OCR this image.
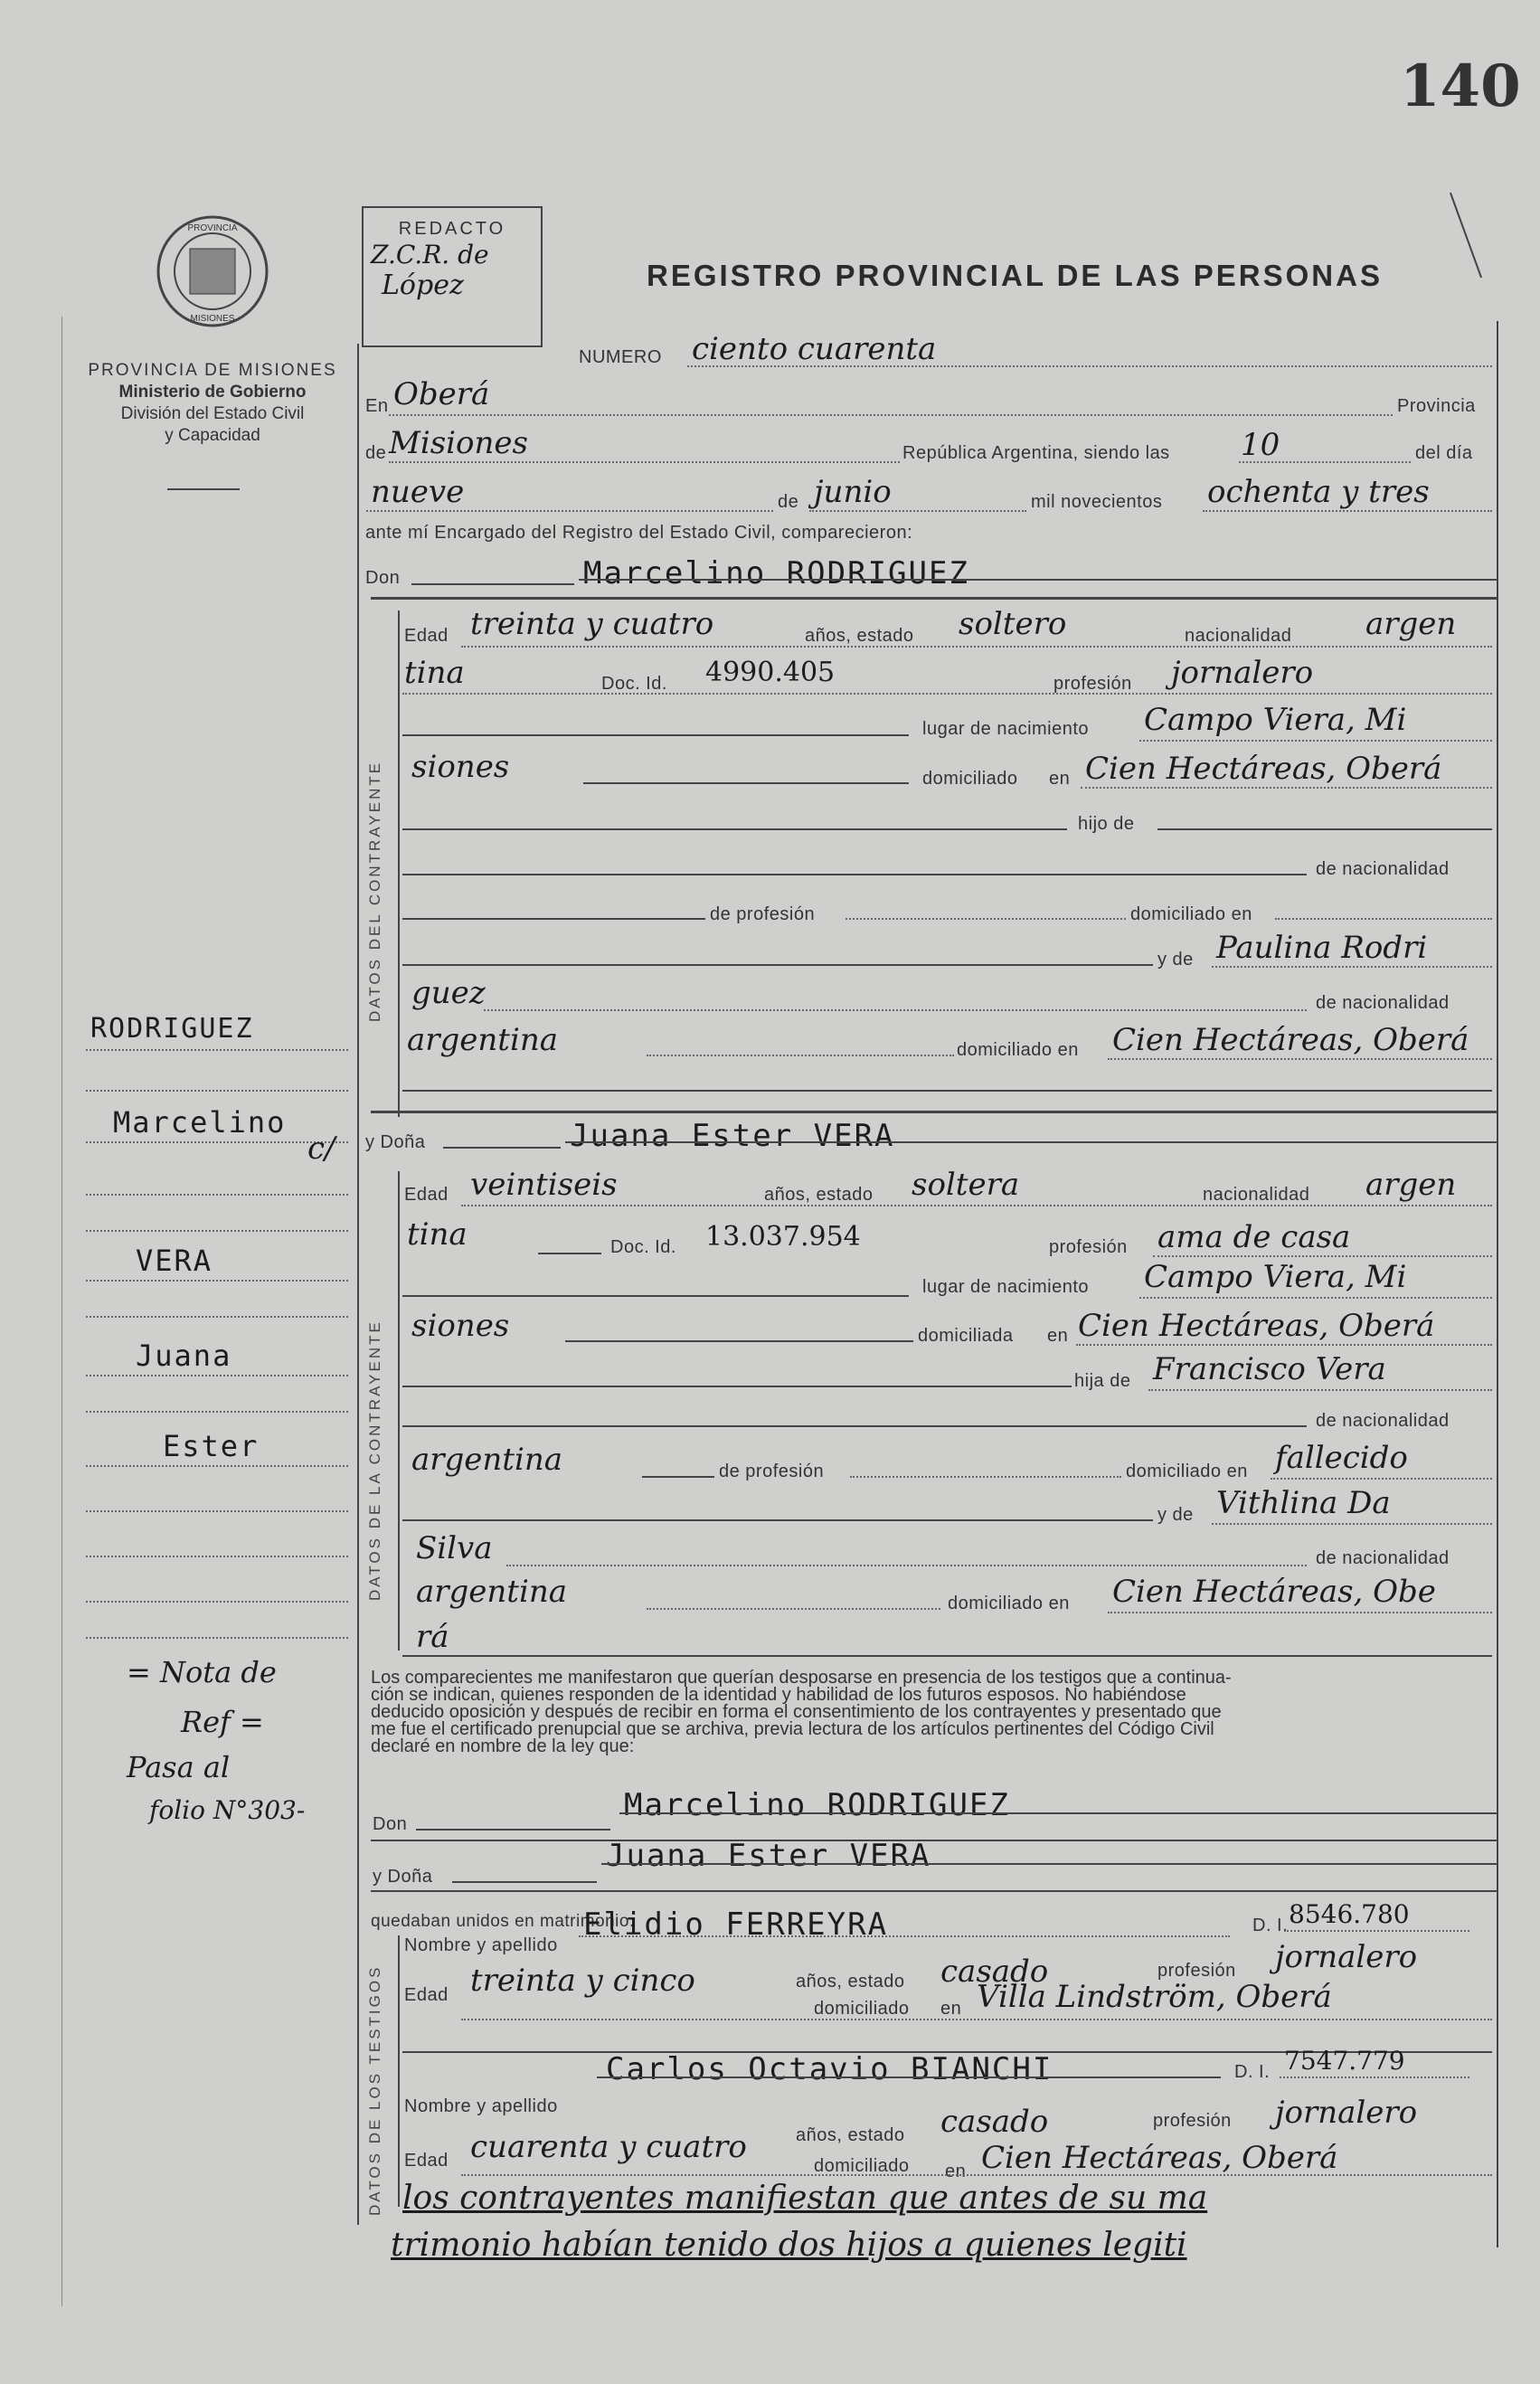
140
PROVINCIA
MISIONES
PROVINCIA DE MISIONES
Ministerio de Gobierno
División del Estado Civil
y Capacidad
REDACTO
Z.C.R. de
López	REGISTRO PROVINCIAL DE LAS PERSONAS
NUMERO ciento cuarenta
En Oberá	Provincia
de Misiones	República Argentina, siendo las 10	del día
nueve	de junio	mil novecientos ochenta y tres
ante mí Encargado del Registro del Estado Civil, comparecieron:
Don	Marcelino RODRIGUEZ
DATOS DEL CONTRAYENTE
Edad treinta y cuatro	años, estado soltero	nacionalidad argen
tina	Doc. Id. 4990.405	profesión jornalero
lugar de nacimiento Campo Viera, Mi
siones	domiciliado en Cien Hectáreas, Oberá
hijo de
de nacionalidad
de profesión	domiciliado en
y de Paulina Rodri
guez	de nacionalidad
argentina	domiciliado en Cien Hectáreas, Oberá
RODRIGUEZ
Marcelino
c/
VERA
Juana
Ester
= Nota de
Ref =
Pasa al
folio N°303-
y Doña	Juana Ester VERA
DATOS DE LA CONTRAYENTE
Edad veintiseis	años, estado soltera	nacionalidad argen
tina	Doc. Id. 13.037.954	profesión ama de casa
lugar de nacimiento Campo Viera, Mi
siones	domiciliada en Cien Hectáreas, Oberá
hija de Francisco Vera
de nacionalidad
argentina	de profesión	domiciliado en fallecido
y de Vithlina Da
Silva	de nacionalidad
argentina	domiciliado en Cien Hectáreas, Obe
rá
Los comparecientes me manifestaron que querían desposarse en presencia de los testigos que a continua-
ción se indican, quienes responden de la identidad y habilidad de los futuros esposos. No habiéndose
deducido oposición y después de recibir en forma el consentimiento de los contrayentes y presentado que
me fue el certificado prenupcial que se archiva, previa lectura de los artículos pertinentes del Código Civil
declaré en nombre de la ley que:
Don
Marcelino RODRIGUEZ
y Doña
Juana Ester VERA
quedaban unidos en matrimonio.
DATOS DE LOS TESTIGOS
Nombre y apellido
Elidio FERREYRA	D. I. 8546.780
Edad treinta y cinco	años, estado casado	profesión jornalero
domiciliado en Villa Lindström, Oberá
Carlos Octavio BIANCHI	D. I. 7547.779
Nombre y apellido
Edad cuarenta y cuatro	años, estado casado	profesión jornalero
domiciliado en Cien Hectáreas, Oberá
los contrayentes manifiestan que antes de su ma
trimonio habían tenido dos hijos a quienes legiti
